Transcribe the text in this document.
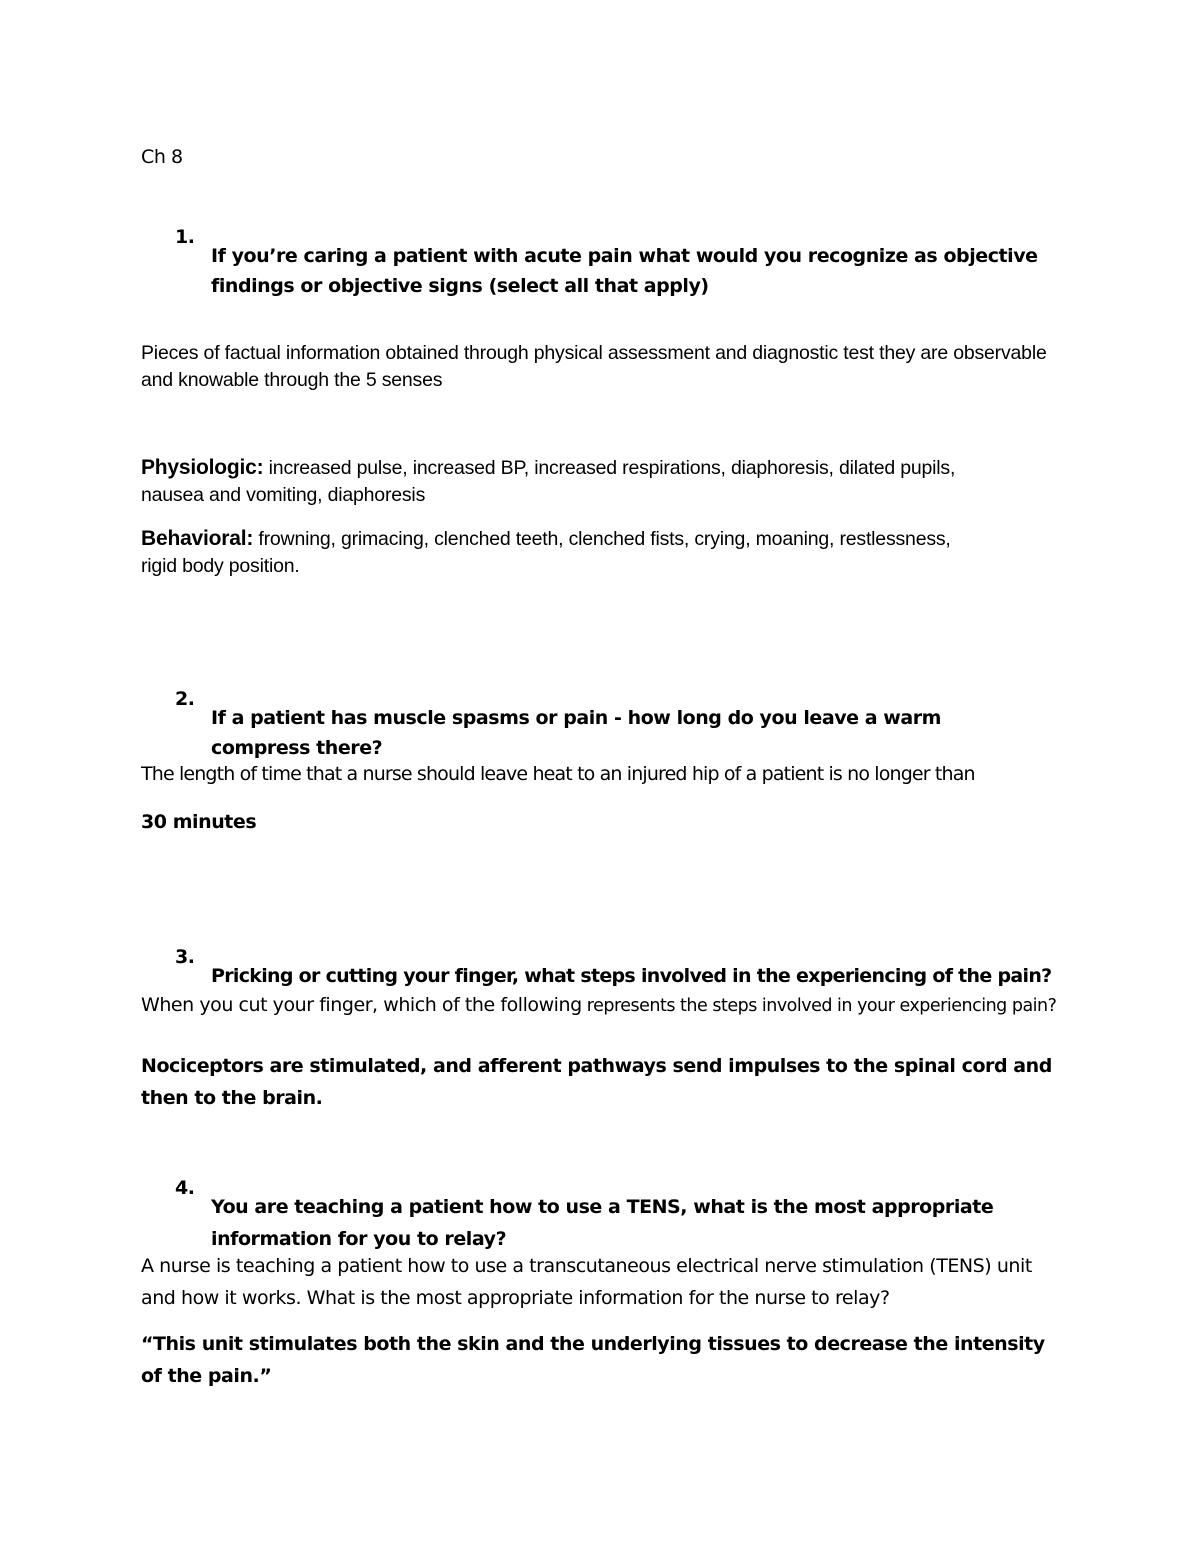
Ch 8

1.

If you’re caring a patient with acute pain what would you recognize as objective findings or objective signs (select all that apply)

Pieces of factual information obtained through physical assessment and diagnostic test they are observable and knowable through the 5 senses

Physiologic: increased pulse, increased BP, increased respirations, diaphoresis, dilated pupils, nausea and vomiting, diaphoresis

Behavioral: frowning, grimacing, clenched teeth, clenched fists, crying, moaning, restlessness, rigid body position.

2.

If a patient has muscle spasms or pain - how long do you leave a warm compress there?

The length of time that a nurse should leave heat to an injured hip of a patient is no longer than

30 minutes

3.

Pricking or cutting your finger, what steps involved in the experiencing of the pain?

When you cut your finger, which of the following represents the steps involved in your experiencing pain?

Nociceptors are stimulated, and afferent pathways send impulses to the spinal cord and then to the brain.

4.

You are teaching a patient how to use a TENS, what is the most appropriate information for you to relay?

A nurse is teaching a patient how to use a transcutaneous electrical nerve stimulation (TENS) unit and how it works. What is the most appropriate information for the nurse to relay?

“This unit stimulates both the skin and the underlying tissues to decrease the intensity of the pain.”
